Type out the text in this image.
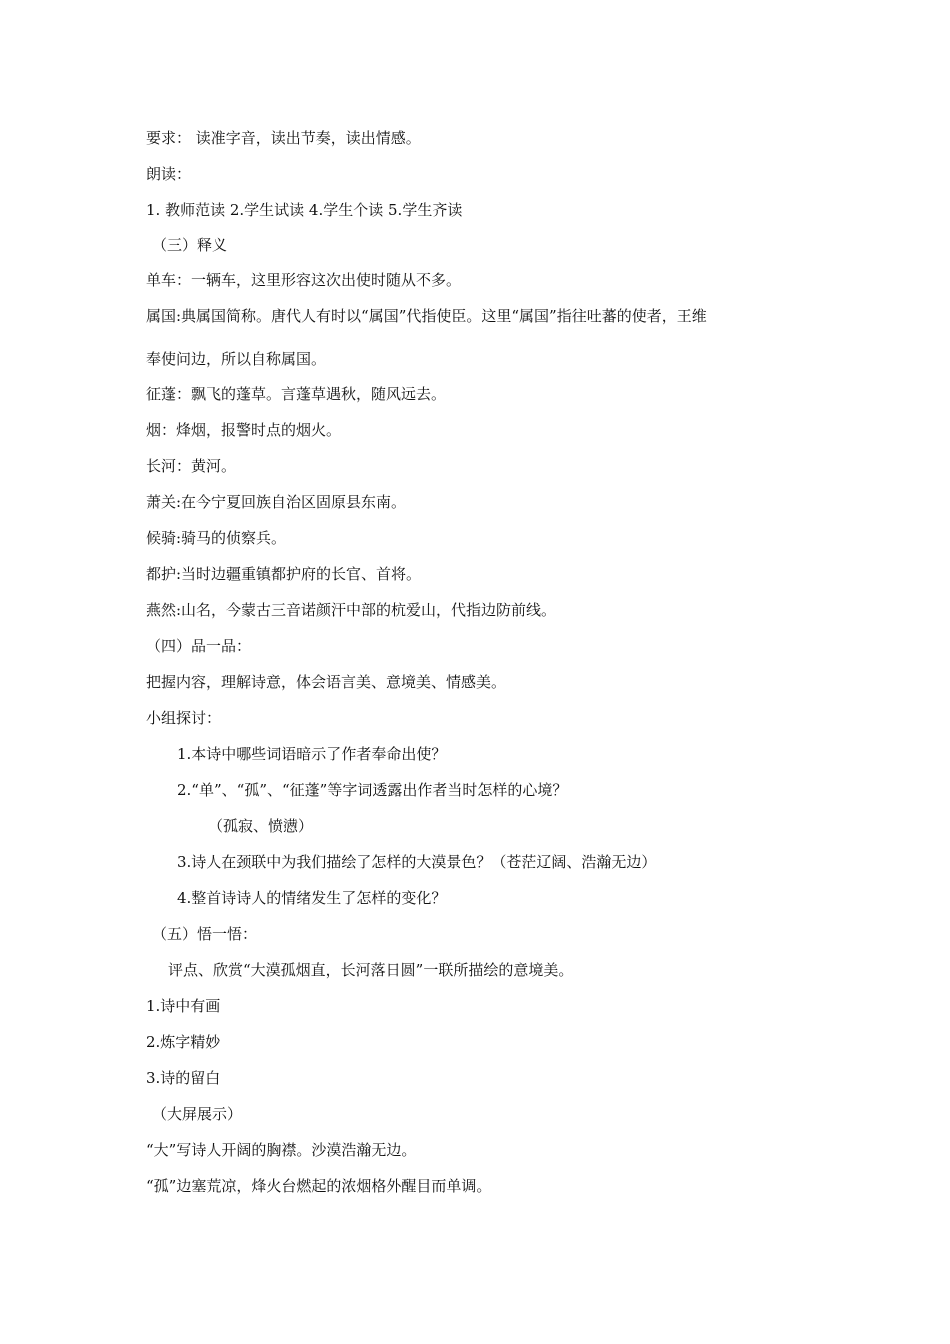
要求： 读准字音，读出节奏，读出情感。
朗读：
1. 教师范读 2.学生试读 4.学生个读 5.学生齐读
（三）释义
单车：一辆车，这里形容这次出使时随从不多。
属国:典属国简称。唐代人有时以“属国”代指使臣。这里“属国”指往吐蕃的使者，王维
奉使问边，所以自称属国。
征蓬：飘飞的蓬草。言蓬草遇秋，随风远去。
烟：烽烟，报警时点的烟火。
长河：黄河。
萧关:在今宁夏回族自治区固原县东南。
候骑:骑马的侦察兵。
都护:当时边疆重镇都护府的长官、首将。
燕然:山名，今蒙古三音诺颜汗中部的杭爱山，代指边防前线。
（四）品一品：
把握内容，理解诗意，体会语言美、意境美、情感美。
小组探讨：
1.本诗中哪些词语暗示了作者奉命出使？
2.“单”、“孤”、“征蓬”等字词透露出作者当时怎样的心境？
（孤寂、愤懑）
3.诗人在颈联中为我们描绘了怎样的大漠景色？（苍茫辽阔、浩瀚无边）
4.整首诗诗人的情绪发生了怎样的变化？
（五）悟一悟：
评点、欣赏“大漠孤烟直，长河落日圆”一联所描绘的意境美。
1.诗中有画
2.炼字精妙
3.诗的留白
（大屏展示）
“大”写诗人开阔的胸襟。沙漠浩瀚无边。
“孤”边塞荒凉，烽火台燃起的浓烟格外醒目而单调。
